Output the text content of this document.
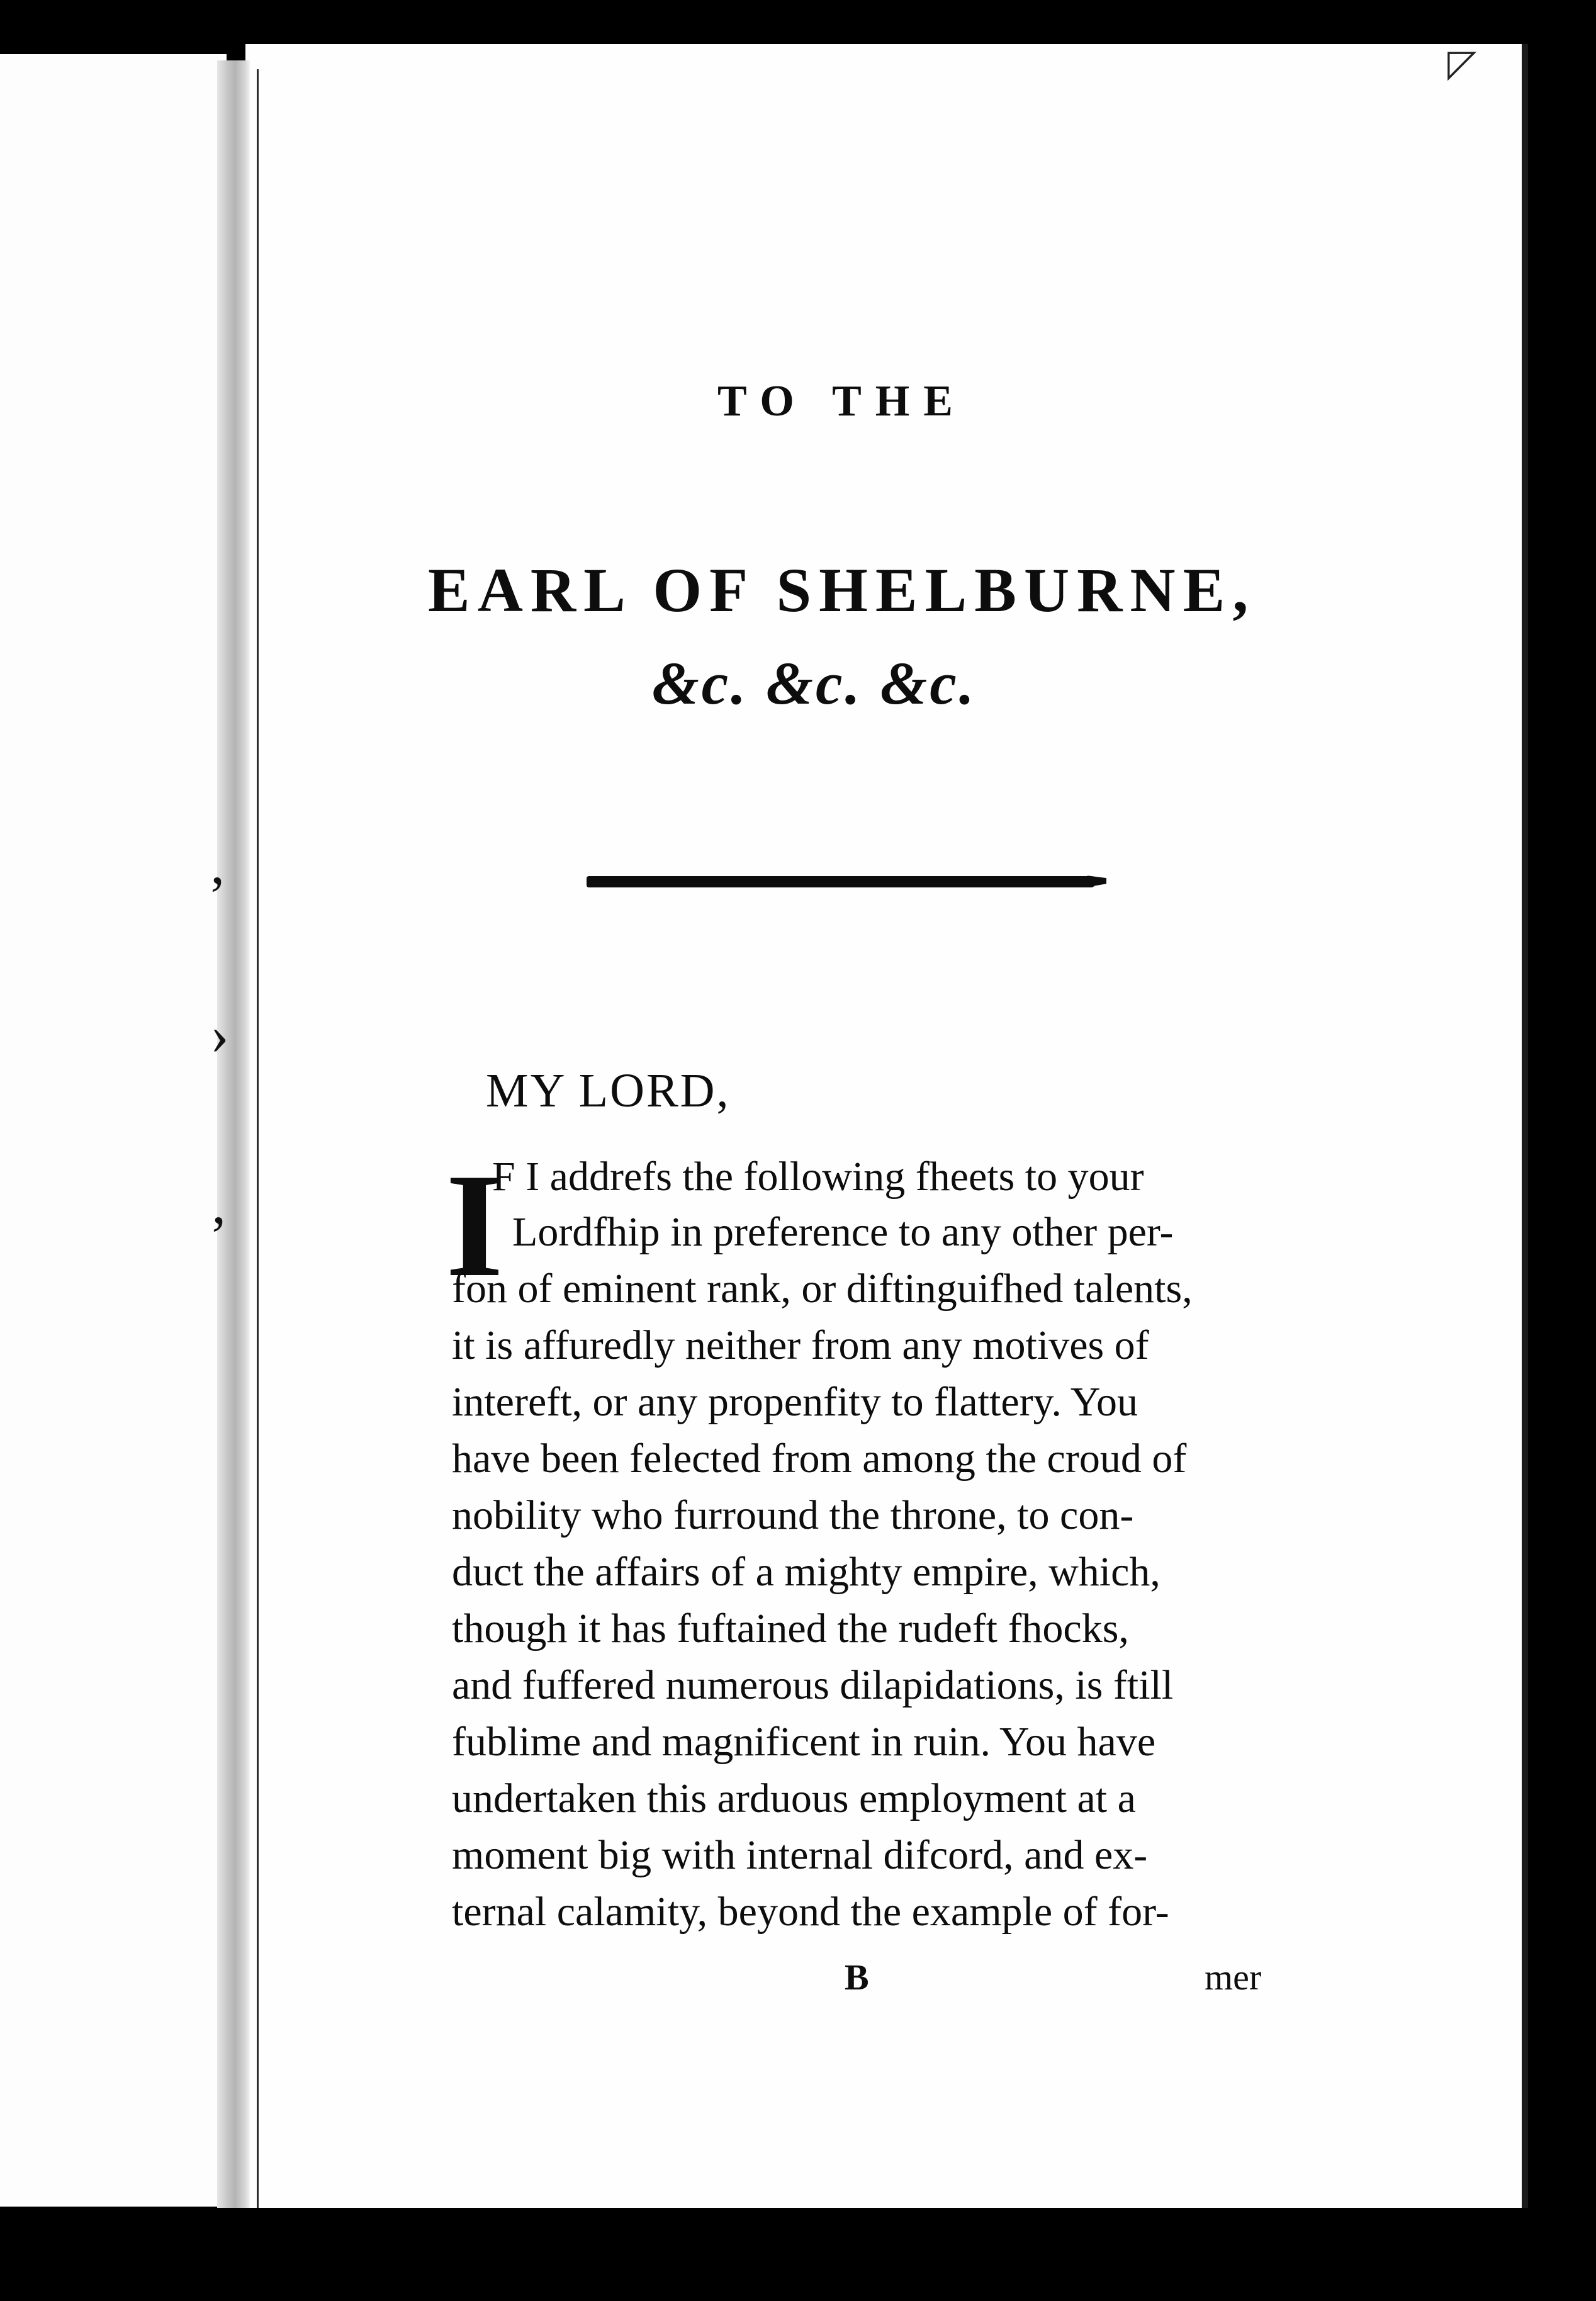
◸
’
›
’
TO THE
EARL OF SHELBURNE,
&c. &c. &c.
MY LORD,
I
F I addrefs the following fheets to your
Lordfhip in preference to any other per-
fon of eminent rank, or diftinguifhed talents,
it is affuredly neither from any motives of
intereft, or any propenfity to flattery. You
have been felected from among the croud of
nobility who furround the throne, to con-
duct the affairs of a mighty empire, which,
though it has fuftained the rudeft fhocks,
and fuffered numerous dilapidations, is ftill
fublime and magnificent in ruin. You have
undertaken this arduous employment at a
moment big with internal difcord, and ex-
ternal calamity, beyond the example of for-
B	mer
